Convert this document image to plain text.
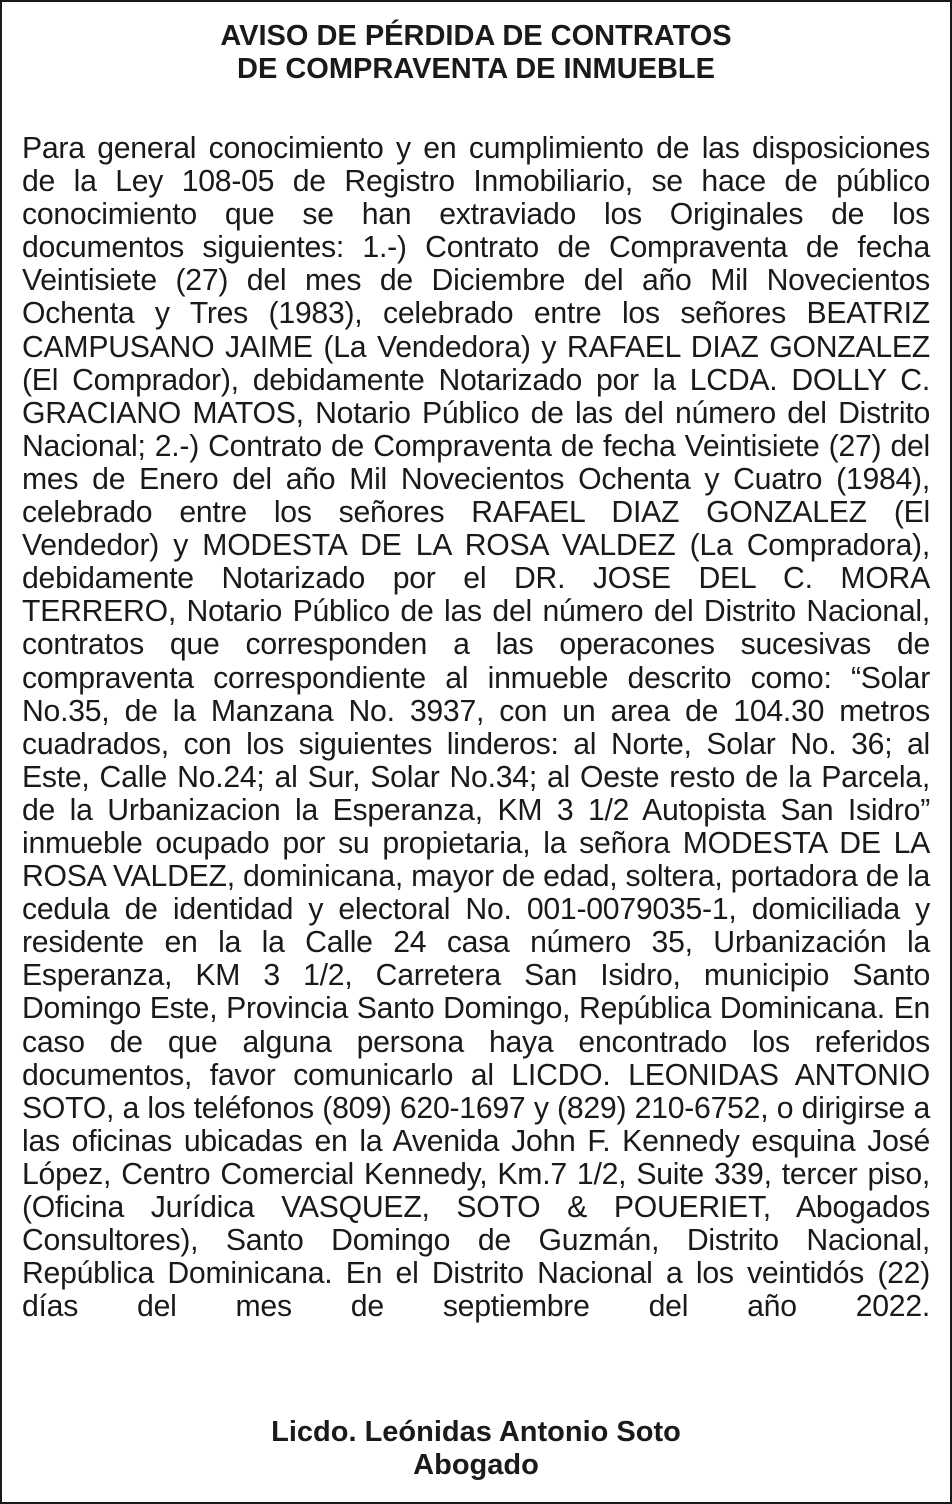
AVISO DE PÉRDIDA DE CONTRATOS
DE COMPRAVENTA DE INMUEBLE

Para general conocimiento y en cumplimiento de las disposiciones de la Ley 108-05 de Registro Inmobiliario, se hace de público conocimiento que se han extraviado los Originales de los documentos siguientes: 1.-) Contrato de Compraventa de fecha Veintisiete (27) del mes de Diciembre del año Mil Novecientos Ochenta y Tres (1983), celebrado entre los señores BEATRIZ CAMPUSANO JAIME (La Vendedora) y RAFAEL DIAZ GONZALEZ (El Comprador), debidamente Notarizado por la LCDA. DOLLY C. GRACIANO MATOS, Notario Público de las del número del Distrito Nacional; 2.-) Contrato de Compraventa de fecha Veintisiete (27) del mes de Enero del año Mil Novecientos Ochenta y Cuatro (1984), celebrado entre los señores RAFAEL DIAZ GONZALEZ (El Vendedor) y MODESTA DE LA ROSA VALDEZ (La Compradora), debidamente Notarizado por el DR. JOSE DEL C. MORA TERRERO, Notario Público de las del número del Distrito Nacional, contratos que corresponden a las operacones sucesivas de compraventa correspondiente al inmueble descrito como: “Solar No.35, de la Manzana No. 3937, con un area de 104.30 metros cuadrados, con los siguientes linderos: al Norte, Solar No. 36; al Este, Calle No.24; al Sur, Solar No.34; al Oeste resto de la Parcela, de la Urbanizacion la Esperanza, KM 3 1/2 Autopista San Isidro” inmueble ocupado por su propietaria, la señora MODESTA DE LA ROSA VALDEZ, dominicana, mayor de edad, soltera, portadora de la cedula de identidad y electoral No. 001-0079035-1, domiciliada y residente en la la Calle 24 casa número 35, Urbanización la Esperanza, KM 3 1/2, Carretera San Isidro, municipio Santo Domingo Este, Provincia Santo Domingo, República Dominicana. En caso de que alguna persona haya encontrado los referidos documentos, favor comunicarlo al LICDO. LEONIDAS ANTONIO SOTO, a los teléfonos (809) 620-1697 y (829) 210-6752, o dirigirse a las oficinas ubicadas en la Avenida John F. Kennedy esquina José López, Centro Comercial Kennedy, Km.7 1/2, Suite 339, tercer piso, (Oficina Jurídica VASQUEZ, SOTO & POUERIET, Abogados Consultores), Santo Domingo de Guzmán, Distrito Nacional, República Dominicana. En el Distrito Nacional a los veintidós (22) días del mes de septiembre del año 2022.

Licdo. Leónidas Antonio Soto
Abogado
